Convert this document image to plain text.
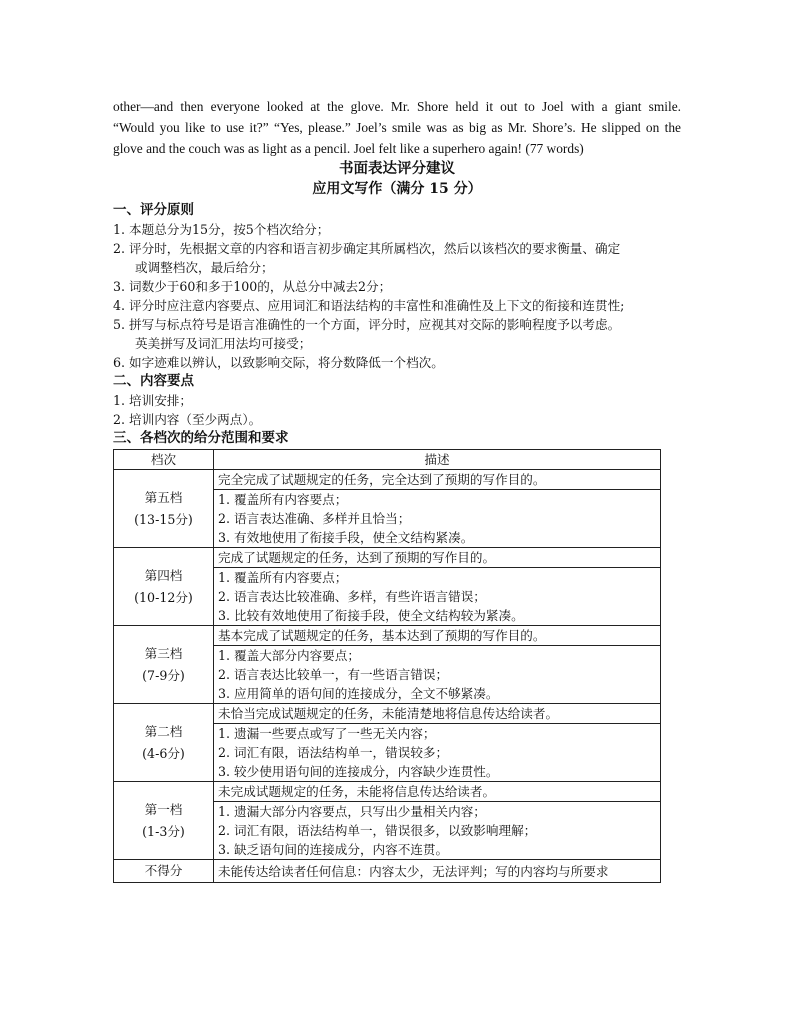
other—and then everyone looked at the glove. Mr. Shore held it out to Joel with a giant smile.
“Would you like to use it?” “Yes, please.” Joel’s smile was as big as Mr. Shore’s. He slipped on the
glove and the couch was as light as a pencil. Joel felt like a superhero again! (77 words)

书面表达评分建议

应用文写作（满分 15 分）

一、评分原则

1. 本题总分为15分，按5个档次给分；

2. 评分时，先根据文章的内容和语言初步确定其所属档次，然后以该档次的要求衡量、确定

或调整档次，最后给分；

3. 词数少于60和多于100的，从总分中减去2分；

4. 评分时应注意内容要点、应用词汇和语法结构的丰富性和准确性及上下文的衔接和连贯性;

5. 拼写与标点符号是语言准确性的一个方面，评分时，应视其对交际的影响程度予以考虑。

英美拼写及词汇用法均可接受；

6. 如字迹难以辨认，以致影响交际，将分数降低一个档次。

二、内容要点

1. 培训安排；

2. 培训内容（至少两点）。

三、各档次的给分范围和要求

档次	描述

第五档
(13-15分)	完全完成了试题规定的任务，完全达到了预期的写作目的。

	1. 覆盖所有内容要点；
2. 语言表达准确、多样并且恰当；
3. 有效地使用了衔接手段，使全文结构紧凑。

第四档
(10-12分)	完成了试题规定的任务，达到了预期的写作目的。

	1. 覆盖所有内容要点；
2. 语言表达比较准确、多样，有些许语言错误；
3. 比较有效地使用了衔接手段，使全文结构较为紧凑。

第三档
(7-9分)	基本完成了试题规定的任务，基本达到了预期的写作目的。

	1. 覆盖大部分内容要点；
2. 语言表达比较单一，有一些语言错误；
3. 应用简单的语句间的连接成分，全文不够紧凑。

第二档
(4-6分)	未恰当完成试题规定的任务，未能清楚地将信息传达给读者。

	1. 遗漏一些要点或写了一些无关内容；
2. 词汇有限，语法结构单一，错误较多；
3. 较少使用语句间的连接成分，内容缺少连贯性。

第一档
(1-3分)	未完成试题规定的任务，未能将信息传达给读者。

	1. 遗漏大部分内容要点，只写出少量相关内容；
2. 词汇有限，语法结构单一，错误很多，以致影响理解；
3. 缺乏语句间的连接成分，内容不连贯。

不得分	未能传达给读者任何信息：内容太少，无法评判；写的内容均与所要求
